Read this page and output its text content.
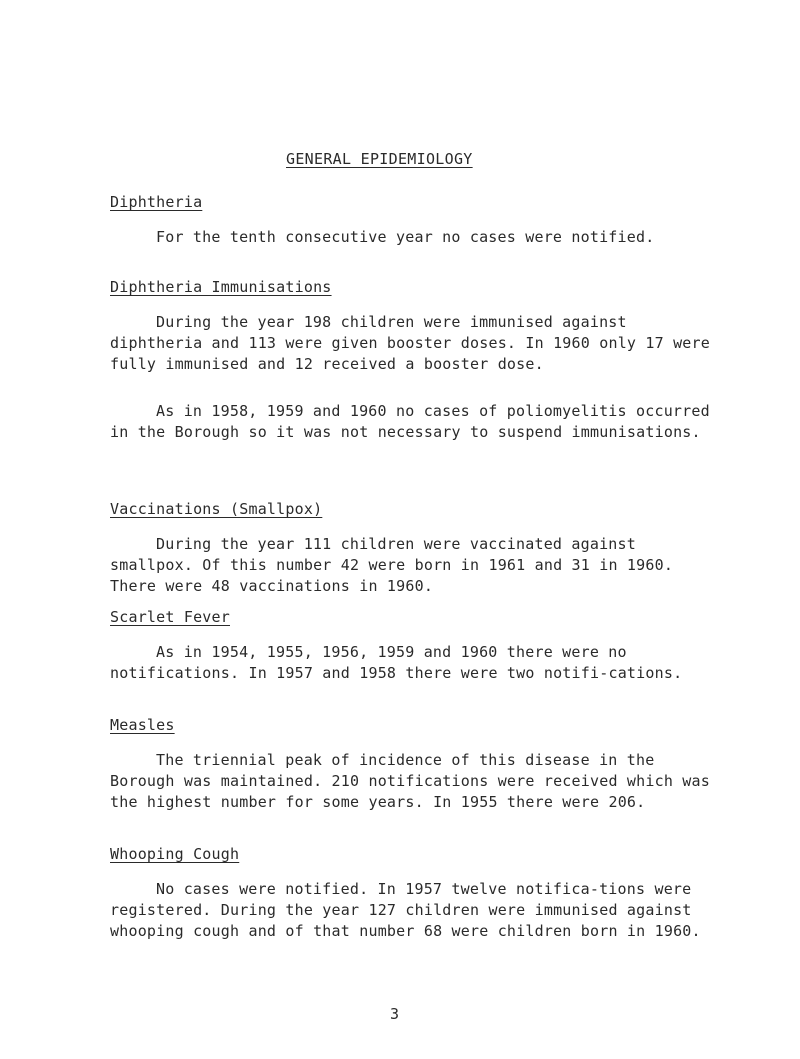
GENERAL EPIDEMIOLOGY
Diphtheria

For the tenth consecutive year no cases were notified.

Diphtheria Immunisations

During the year 198 children were immunised against diphtheria and 113 were given booster doses. In 1960 only 17 were fully immunised and 12 received a booster dose.

As in 1958, 1959 and 1960 no cases of poliomyelitis occurred in the Borough so it was not necessary to suspend immunisations.

Vaccinations (Smallpox)

During the year 111 children were vaccinated against smallpox. Of this number 42 were born in 1961 and 31 in 1960. There were 48 vaccinations in 1960.

Scarlet Fever

As in 1954, 1955, 1956, 1959 and 1960 there were no notifications. In 1957 and 1958 there were two notifi-cations.

Measles

The triennial peak of incidence of this disease in the Borough was maintained. 210 notifications were received which was the highest number for some years. In 1955 there were 206.

Whooping Cough

No cases were notified. In 1957 twelve notifica-tions were registered. During the year 127 children were immunised against whooping cough and of that number 68 were children born in 1960.

3
